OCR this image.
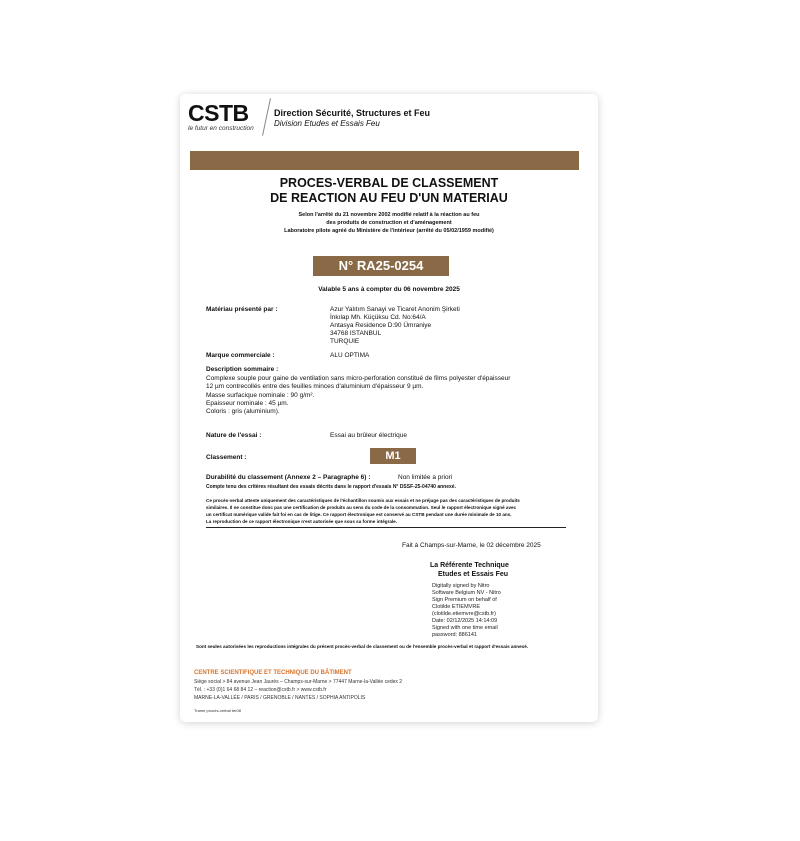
CSTB
le futur en construction
Direction Sécurité, Structures et Feu
Division Etudes et Essais Feu
PROCES-VERBAL DE CLASSEMENT
DE REACTION AU FEU D'UN MATERIAU
Selon l'arrêté du 21 novembre 2002 modifié relatif à la réaction au feu
des produits de construction et d'aménagement
Laboratoire pilote agréé du Ministère de l'intérieur (arrêté du 05/02/1959 modifié)
N° RA25-0254
Valable 5 ans à compter du 06 novembre 2025
Matériau présenté par :	Azur Yalıtım Sanayi ve Ticaret Anonim Şirketi
İnkılap Mh. Küçüksu Cd. No:64/A
Antasya Residence D:90 Ümraniye
34768 ISTANBUL
TURQUIE
Marque commerciale :	ALU OPTIMA
Description sommaire :
Complexe souple pour gaine de ventilation sans micro-perforation constitué de films polyester d'épaisseur
12 µm contrecollés entre des feuilles minces d'aluminium d'épaisseur 9 µm.
Masse surfacique nominale : 90 g/m².
Epaisseur nominale : 45 µm.
Coloris : gris (aluminium).
Nature de l'essai :	Essai au brûleur électrique
Classement :	M1
Durabilité du classement (Annexe 2 – Paragraphe 6) :	Non limitée a priori
Compte tenu des critères résultant des essais décrits dans le rapport d'essais N° DSSF-25-04740 annexé.
Ce procès-verbal atteste uniquement des caractéristiques de l'échantillon soumis aux essais et ne préjuge pas des caractéristiques de produits
similaires. Il ne constitue donc pas une certification de produits au sens du code de la consommation. Seul le rapport électronique signé avec
un certificat numérique valide fait foi en cas de litige. Ce rapport électronique est conservé au CSTB pendant une durée minimale de 10 ans.
La reproduction de ce rapport électronique n'est autorisée que sous sa forme intégrale.
Fait à Champs-sur-Marne, le 02 décembre 2025
La Référente Technique
Etudes et Essais Feu
Digitally signed by Nitro
Software Belgium NV - Nitro
Sign Premium on behalf of
Clotilde ETIEMVRE
(clotilde.etiemvre@cstb.fr)
Date: 02/12/2025 14:14:09
Signed with one time email
password: 886141
Sont seules autorisées les reproductions intégrales du présent procès-verbal de classement ou de l'ensemble procès-verbal et rapport d'essais annexé.
CENTRE SCIENTIFIQUE ET TECHNIQUE DU BÂTIMENT
Siège social > 84 avenue Jean Jaurès – Champs-sur-Marne > 77447 Marne-la-Vallée cedex 2
Tél. : +33 (0)1 64 68 84 12 – reaction@cstb.fr > www.cstb.fr
MARNE-LA-VALLÉE / PARIS / GRENOBLE / NANTES / SOPHIA ANTIPOLIS
Trame procès-verbal ter08
